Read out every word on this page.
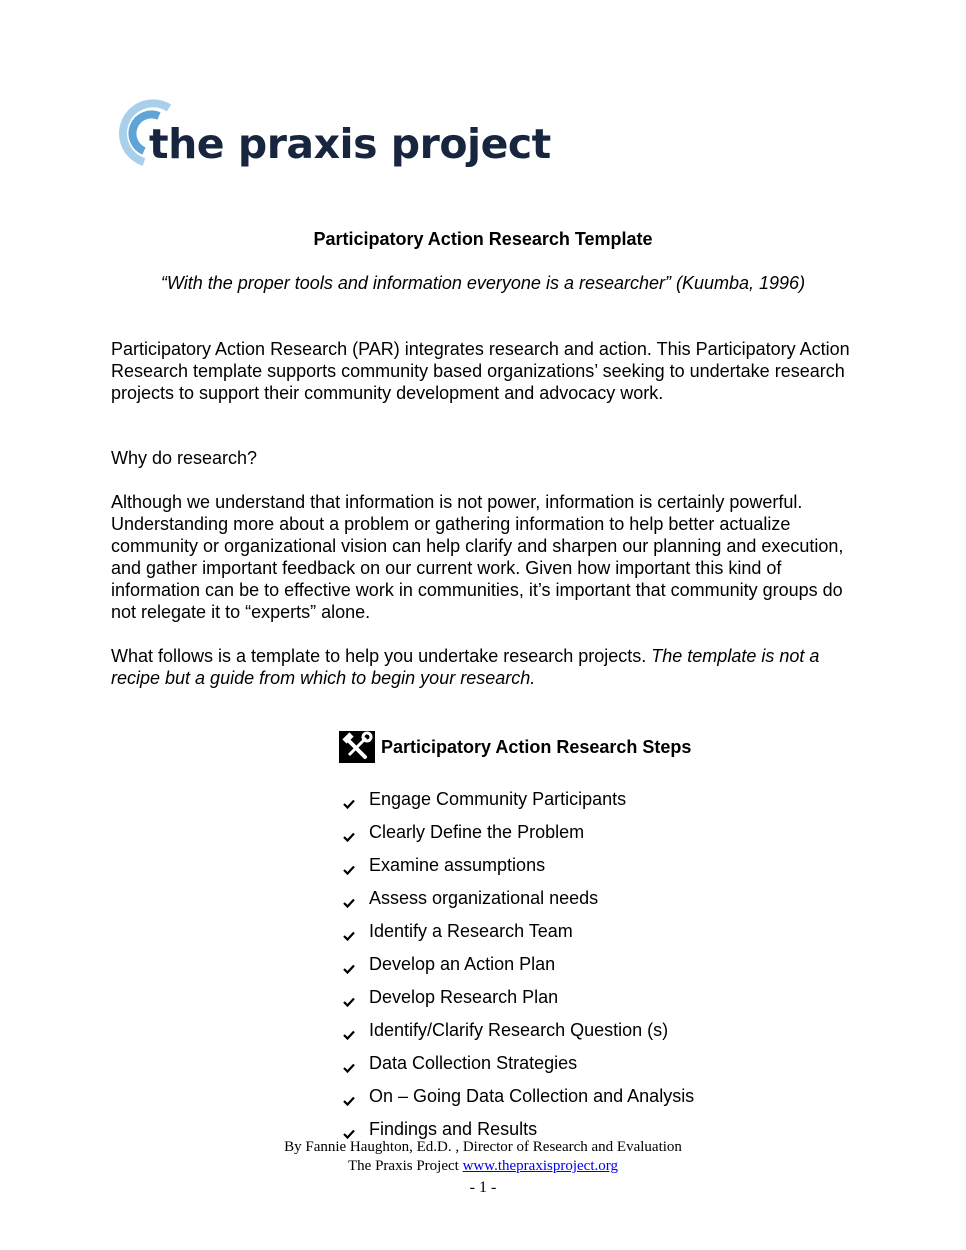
the praxis project
Participatory Action Research Template
“With the proper tools and information everyone is a researcher” (Kuumba, 1996)
Participatory Action Research (PAR) integrates research and action. This Participatory Action Research template supports community based organizations’ seeking to undertake research projects to support their community development and advocacy work.
Why do research?
Although we understand that information is not power, information is certainly powerful. Understanding more about a problem or gathering information to help better actualize community or organizational vision can help clarify and sharpen our planning and execution, and gather important feedback on our current work. Given how important this kind of information can be to effective work in communities, it’s important that community groups do not relegate it to “experts” alone.
What follows is a template to help you undertake research projects. The template is not a recipe but a guide from which to begin your research.
Participatory Action Research Steps
Engage Community Participants
Clearly Define the Problem
Examine assumptions
Assess organizational needs
Identify a Research Team
Develop an Action Plan
Develop Research Plan
Identify/Clarify Research Question (s)
Data Collection Strategies
On – Going Data Collection and Analysis
Findings and Results
By Fannie Haughton, Ed.D. , Director of Research and Evaluation
The Praxis Project www.thepraxisproject.org
- 1 -
